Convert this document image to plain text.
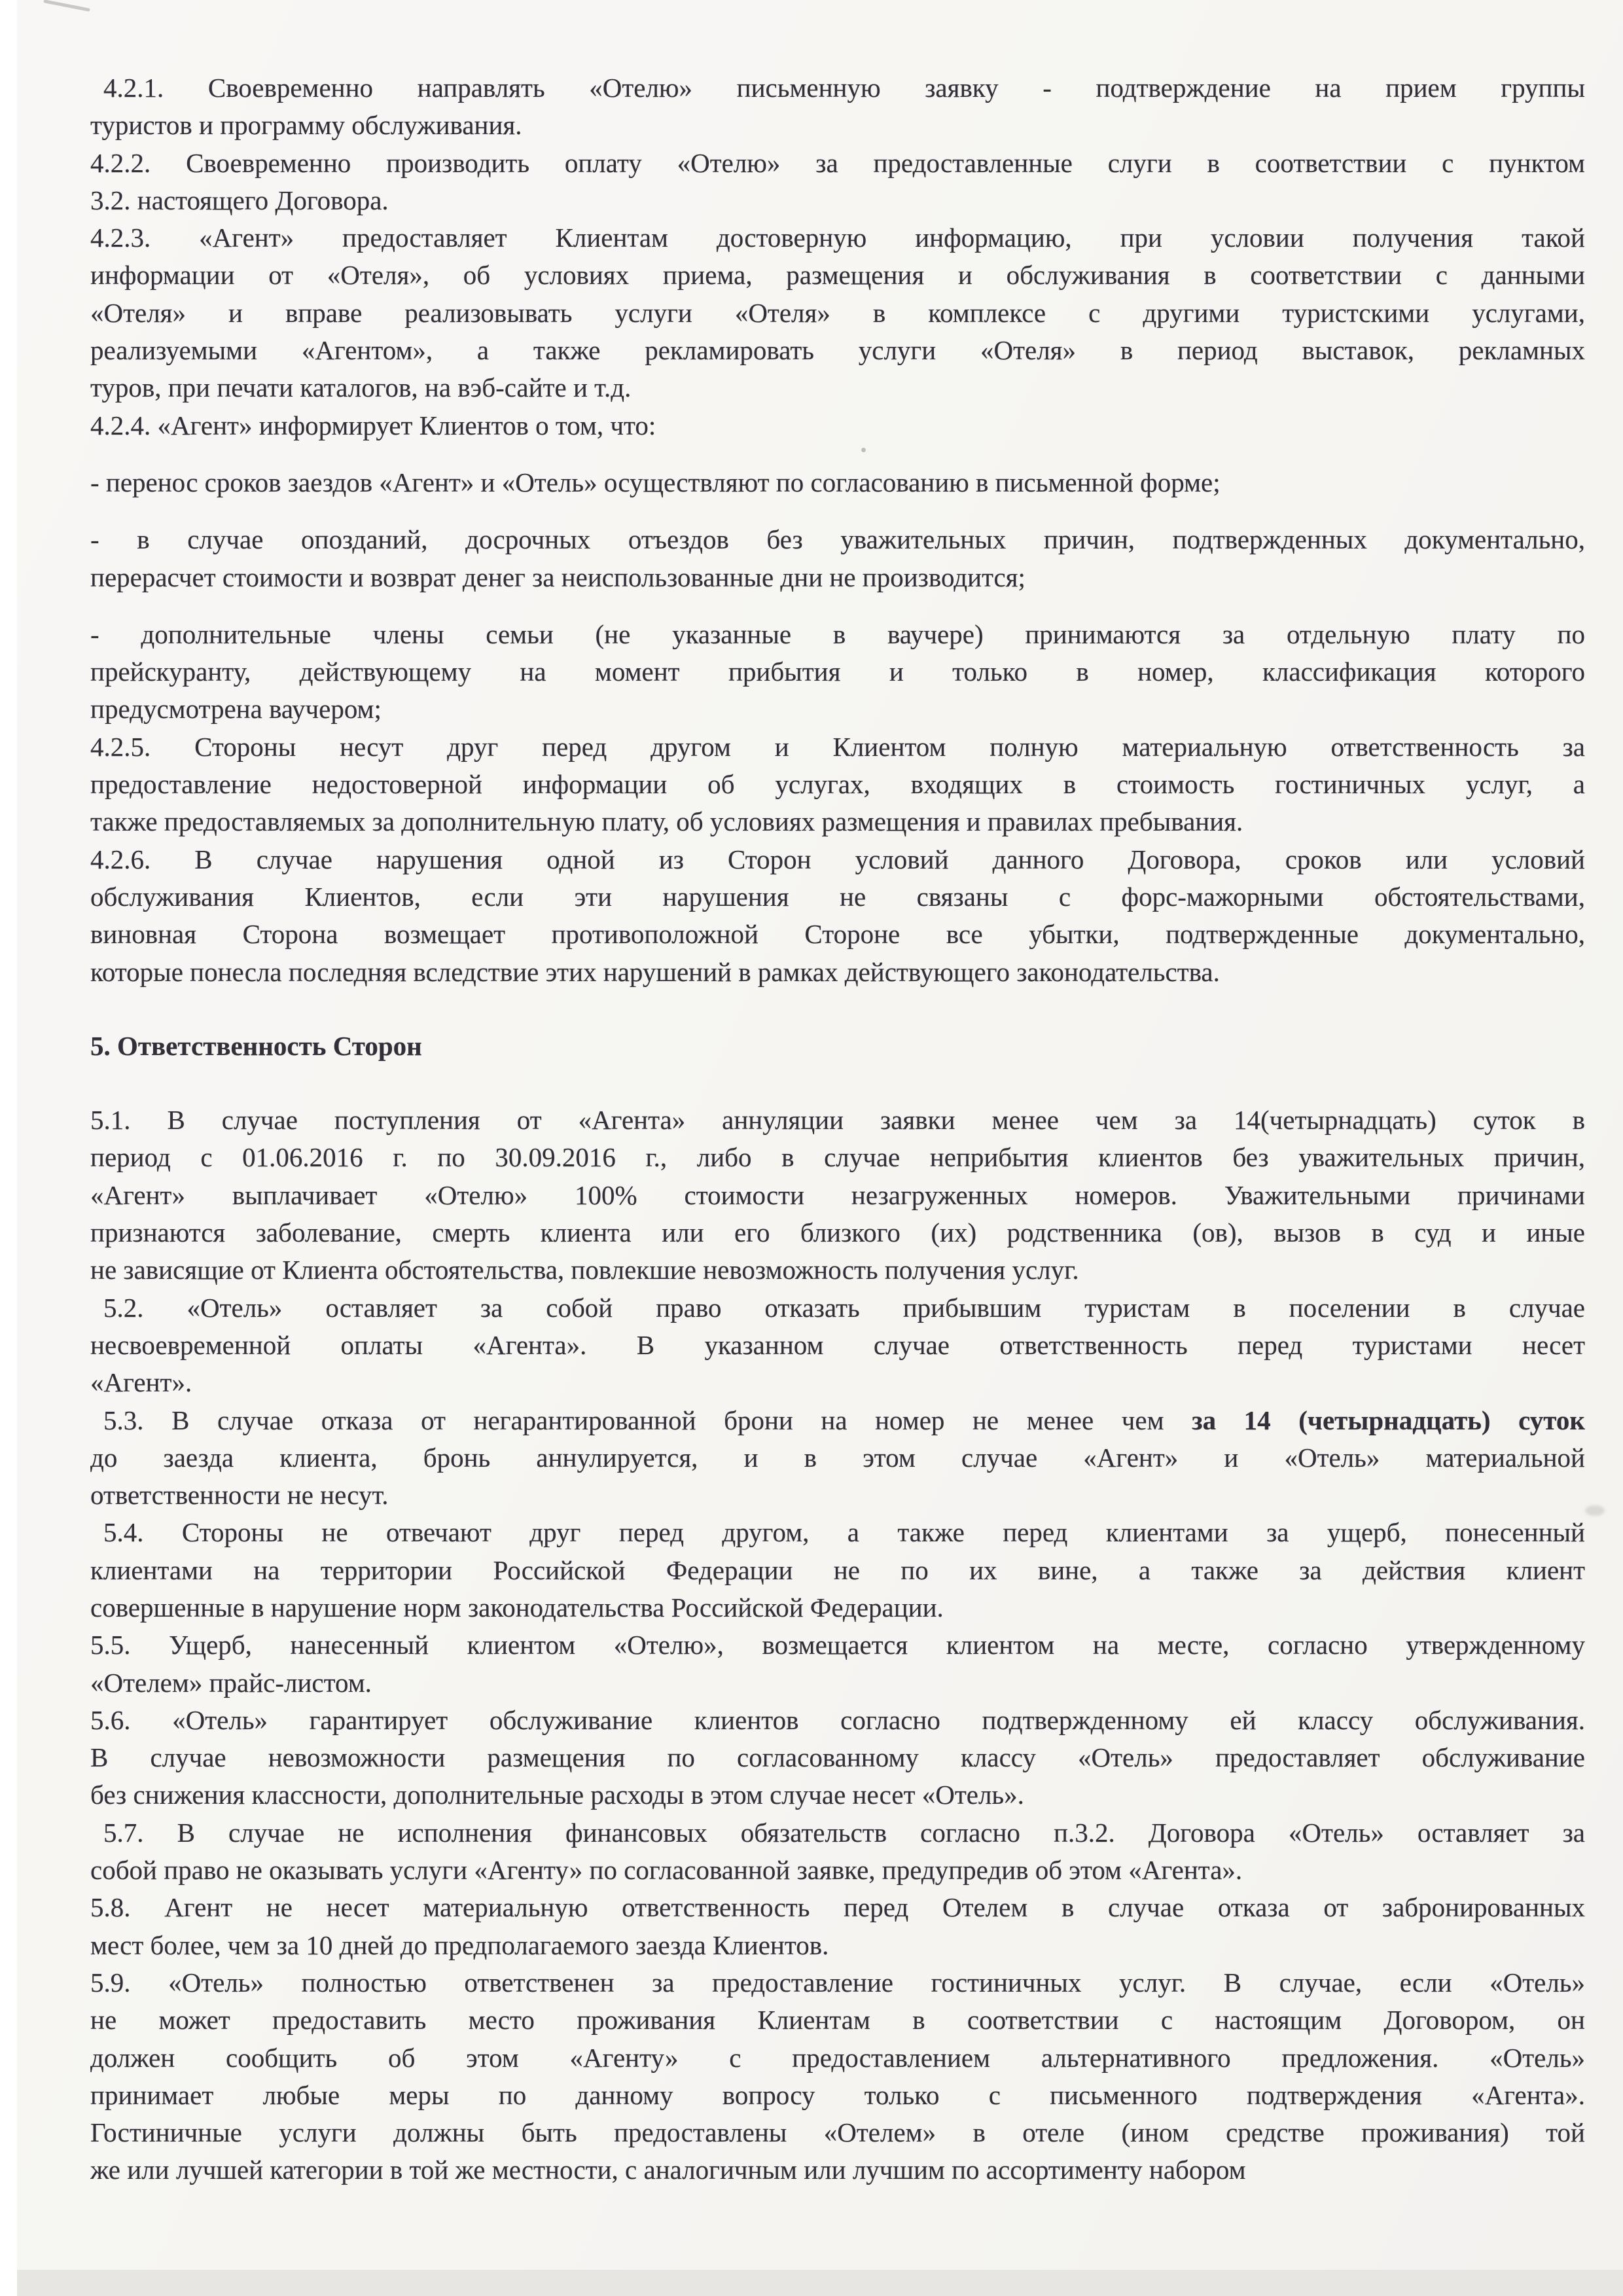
4.2.1. Своевременно направлять «Отелю» письменную заявку - подтверждение на прием группы
туристов и программу обслуживания.
4.2.2. Своевременно производить оплату «Отелю» за предоставленные слуги в соответствии с пунктом
3.2. настоящего Договора.
4.2.3. «Агент» предоставляет Клиентам достоверную информацию, при условии получения такой
информации от «Отеля», об условиях приема, размещения и обслуживания в соответствии с данными
«Отеля» и вправе реализовывать услуги «Отеля» в комплексе с другими туристскими услугами,
реализуемыми «Агентом», а также рекламировать услуги «Отеля» в период выставок, рекламных
туров, при печати каталогов, на вэб-сайте и т.д.
4.2.4. «Агент» информирует Клиентов о том, что:
- перенос сроков заездов «Агент» и «Отель» осуществляют по согласованию в письменной форме;
- в случае опозданий, досрочных отъездов без уважительных причин, подтвержденных документально,
перерасчет стоимости и возврат денег за неиспользованные дни не производится;
- дополнительные члены семьи (не указанные в ваучере) принимаются за отдельную плату по
прейскуранту, действующему на момент прибытия и только в номер, классификация которого
предусмотрена ваучером;
4.2.5. Стороны несут друг перед другом и Клиентом полную материальную ответственность за
предоставление недостоверной информации об услугах, входящих в стоимость гостиничных услуг, а
также предоставляемых за дополнительную плату, об условиях размещения и правилах пребывания.
4.2.6. В случае нарушения одной из Сторон условий данного Договора, сроков или условий
обслуживания Клиентов, если эти нарушения не связаны с форс-мажорными обстоятельствами,
виновная Сторона возмещает противоположной Стороне все убытки, подтвержденные документально,
которые понесла последняя вследствие этих нарушений в рамках действующего законодательства.
5. Ответственность Сторон
5.1. В случае поступления от «Агента» аннуляции заявки менее чем за 14(четырнадцать) суток в
период с 01.06.2016 г. по 30.09.2016 г., либо в случае неприбытия клиентов без уважительных причин,
«Агент» выплачивает «Отелю» 100% стоимости незагруженных номеров. Уважительными причинами
признаются заболевание, смерть клиента или его близкого (их) родственника (ов), вызов в суд и иные
не зависящие от Клиента обстоятельства, повлекшие невозможность получения услуг.
5.2. «Отель» оставляет за собой право отказать прибывшим туристам в поселении в случае
несвоевременной оплаты «Агента». В указанном случае ответственность перед туристами несет
«Агент».
5.3. В случае отказа от негарантированной брони на номер не менее чем за 14 (четырнадцать) суток
до заезда клиента, бронь аннулируется, и в этом случае «Агент» и «Отель» материальной
ответственности не несут.
5.4. Стороны не отвечают друг перед другом, а также перед клиентами за ущерб, понесенный
клиентами на территории Российской Федерации не по их вине, а также за действия клиент
совершенные в нарушение норм законодательства Российской Федерации.
5.5. Ущерб, нанесенный клиентом «Отелю», возмещается клиентом на месте, согласно утвержденному
«Отелем» прайс-листом.
5.6. «Отель» гарантирует обслуживание клиентов согласно подтвержденному ей классу обслуживания.
В случае невозможности размещения по согласованному классу «Отель» предоставляет обслуживание
без снижения классности, дополнительные расходы в этом случае несет «Отель».
5.7. В случае не исполнения финансовых обязательств согласно п.3.2. Договора «Отель» оставляет за
собой право не оказывать услуги «Агенту» по согласованной заявке, предупредив об этом «Агента».
5.8. Агент не несет материальную ответственность перед Отелем в случае отказа от забронированных
мест более, чем за 10 дней до предполагаемого заезда Клиентов.
5.9. «Отель» полностью ответственен за предоставление гостиничных услуг. В случае, если «Отель»
не может предоставить место проживания Клиентам в соответствии с настоящим Договором, он
должен сообщить об этом «Агенту» с предоставлением альтернативного предложения. «Отель»
принимает любые меры по данному вопросу только с письменного подтверждения «Агента».
Гостиничные услуги должны быть предоставлены «Отелем» в отеле (ином средстве проживания) той
же или лучшей категории в той же местности, с аналогичным или лучшим по ассортименту набором
